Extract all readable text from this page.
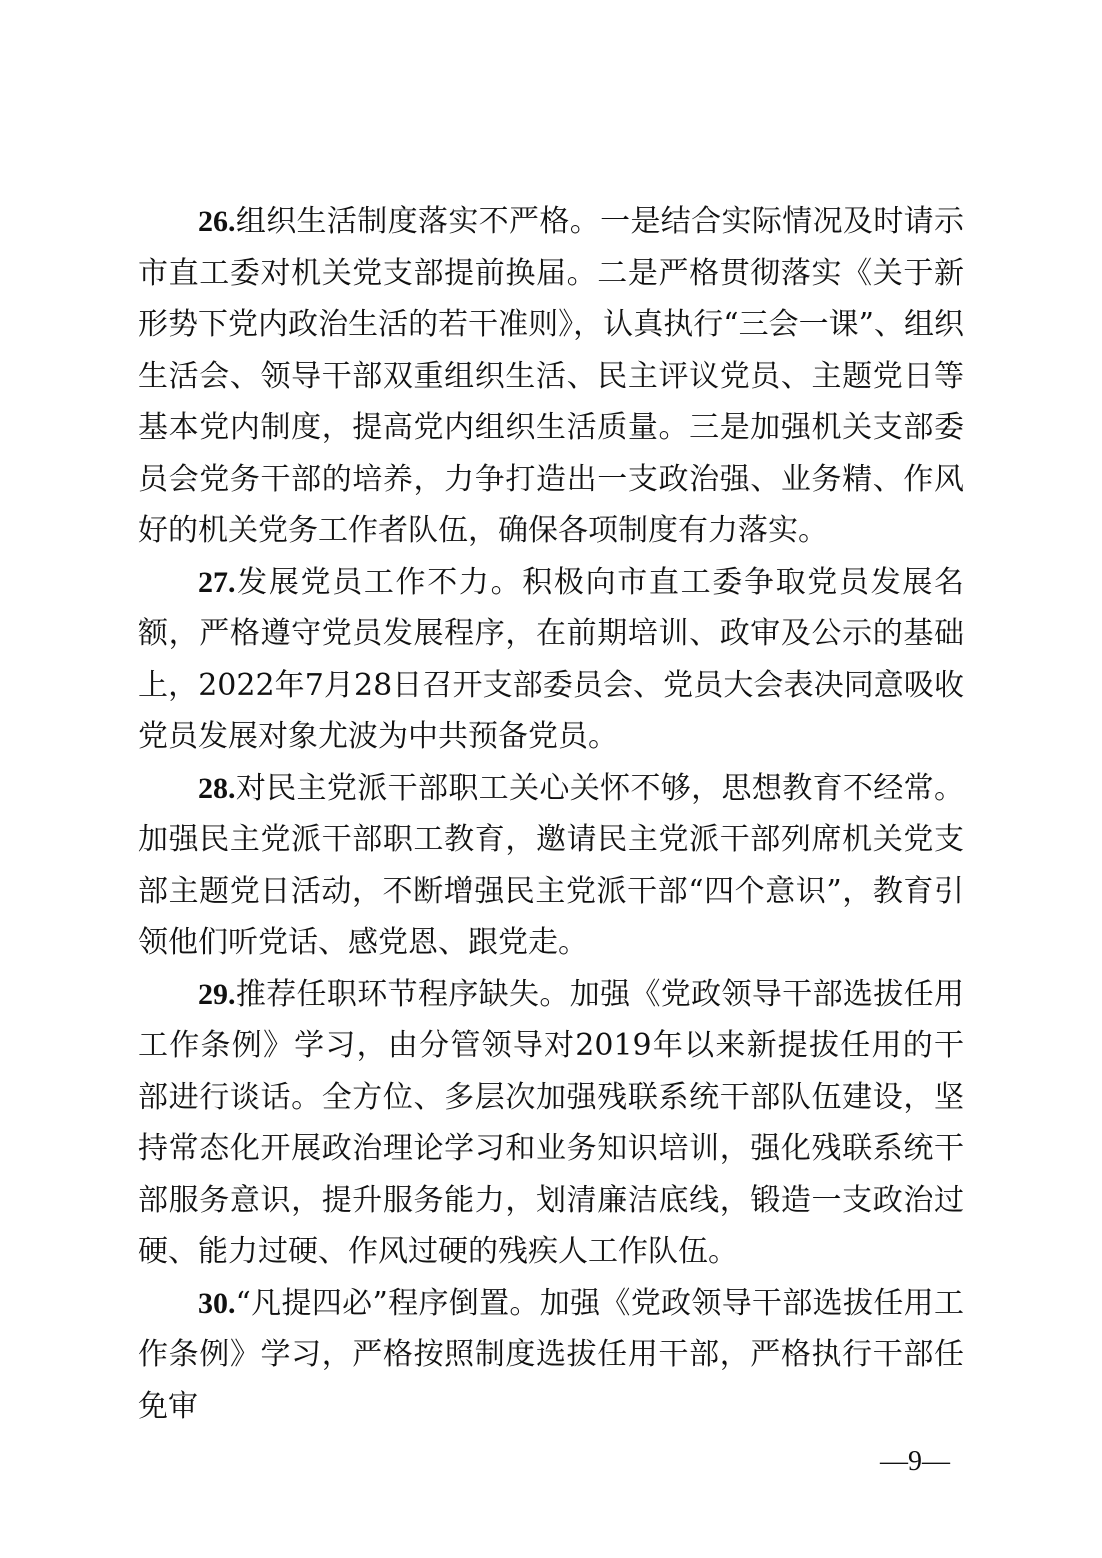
26.组织生活制度落实不严格。一是结合实际情况及时请示市直工委对机关党支部提前换届。二是严格贯彻落实《关于新形势下党内政治生活的若干准则》，认真执行“三会一课”、组织生活会、领导干部双重组织生活、民主评议党员、主题党日等基本党内制度，提高党内组织生活质量。三是加强机关支部委员会党务干部的培养，力争打造出一支政治强、业务精、作风好的机关党务工作者队伍，确保各项制度有力落实。

27.发展党员工作不力。积极向市直工委争取党员发展名额，严格遵守党员发展程序，在前期培训、政审及公示的基础上，2022年7月28日召开支部委员会、党员大会表决同意吸收党员发展对象尤波为中共预备党员。

28.对民主党派干部职工关心关怀不够，思想教育不经常。加强民主党派干部职工教育，邀请民主党派干部列席机关党支部主题党日活动，不断增强民主党派干部“四个意识”，教育引领他们听党话、感党恩、跟党走。

29.推荐任职环节程序缺失。加强《党政领导干部选拔任用工作条例》学习，由分管领导对2019年以来新提拔任用的干部进行谈话。全方位、多层次加强残联系统干部队伍建设，坚持常态化开展政治理论学习和业务知识培训，强化残联系统干部服务意识，提升服务能力，划清廉洁底线，锻造一支政治过硬、能力过硬、作风过硬的残疾人工作队伍。

30.“凡提四必”程序倒置。加强《党政领导干部选拔任用工作条例》学习，严格按照制度选拔任用干部，严格执行干部任免审

—9—
